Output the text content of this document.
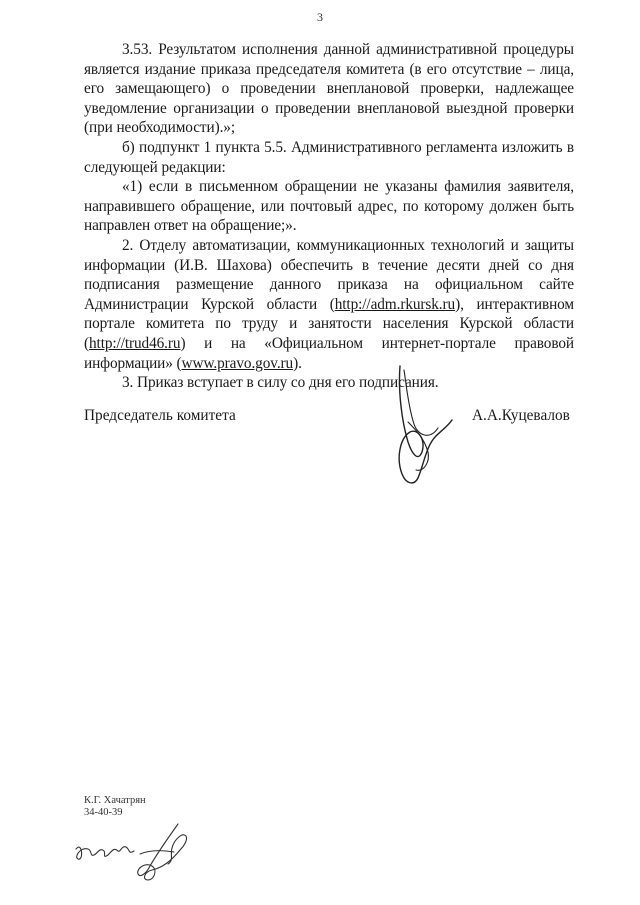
3

3.53. Результатом исполнения данной административной процедуры является издание приказа председателя комитета (в его отсутствие – лица, его замещающего) о проведении внеплановой проверки, надлежащее уведомление организации о проведении внеплановой выездной проверки (при необходимости).»;

б) подпункт 1 пункта 5.5. Административного регламента изложить в следующей редакции:

«1) если в письменном обращении не указаны фамилия заявителя, направившего обращение, или почтовый адрес, по которому должен быть направлен ответ на обращение;».

2. Отделу автоматизации, коммуникационных технологий и защиты информации (И.В. Шахова) обеспечить в течение десяти дней со дня подписания размещение данного приказа на официальном сайте Администрации Курской области (http://adm.rkursk.ru), интерактивном портале комитета по труду и занятости населения Курской области (http://trud46.ru) и на «Официальном интернет-портале правовой информации» (www.pravo.gov.ru).

3. Приказ вступает в силу со дня его подписания.

Председатель комитета	А.А.Куцевалов
К.Г. Хачатрян
34-40-39
